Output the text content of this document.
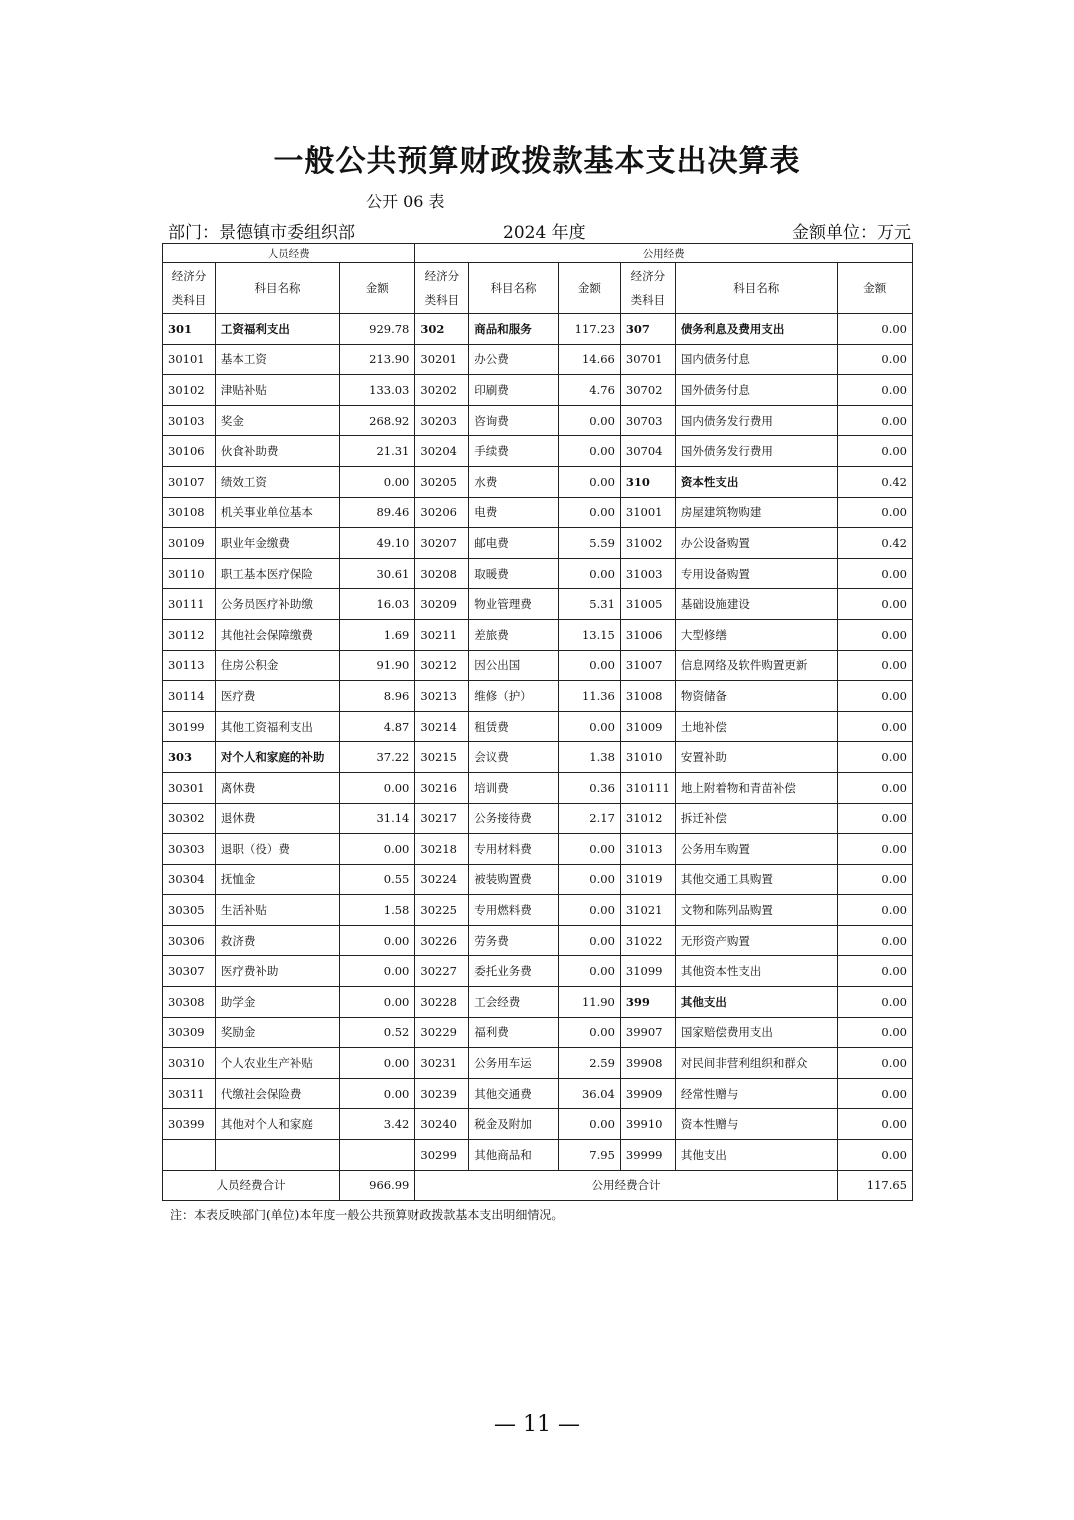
一般公共预算财政拨款基本支出决算表
公开 06 表
部门：景德镇市委组织部	2024 年度	金额单位：万元
人员经费			公用经费					
经济分类科目	科目名称	金额	经济分类科目	科目名称	金额	经济分类科目	科目名称	金额
301	工资福利支出	929.78	302	商品和服务	117.23	307	债务利息及费用支出	0.00
30101	基本工资	213.90	30201	办公费	14.66	30701	国内债务付息	0.00
30102	津贴补贴	133.03	30202	印刷费	4.76	30702	国外债务付息	0.00
30103	奖金	268.92	30203	咨询费	0.00	30703	国内债务发行费用	0.00
30106	伙食补助费	21.31	30204	手续费	0.00	30704	国外债务发行费用	0.00
30107	绩效工资	0.00	30205	水费	0.00	310	资本性支出	0.42
30108	机关事业单位基本	89.46	30206	电费	0.00	31001	房屋建筑物购建	0.00
30109	职业年金缴费	49.10	30207	邮电费	5.59	31002	办公设备购置	0.42
30110	职工基本医疗保险	30.61	30208	取暖费	0.00	31003	专用设备购置	0.00
30111	公务员医疗补助缴	16.03	30209	物业管理费	5.31	31005	基础设施建设	0.00
30112	其他社会保障缴费	1.69	30211	差旅费	13.15	31006	大型修缮	0.00
30113	住房公积金	91.90	30212	因公出国	0.00	31007	信息网络及软件购置更新	0.00
30114	医疗费	8.96	30213	维修（护）	11.36	31008	物资储备	0.00
30199	其他工资福利支出	4.87	30214	租赁费	0.00	31009	土地补偿	0.00
303	对个人和家庭的补助	37.22	30215	会议费	1.38	31010	安置补助	0.00
30301	离休费	0.00	30216	培训费	0.36	310111	地上附着物和青苗补偿	0.00
30302	退休费	31.14	30217	公务接待费	2.17	31012	拆迁补偿	0.00
30303	退职（役）费	0.00	30218	专用材料费	0.00	31013	公务用车购置	0.00
30304	抚恤金	0.55	30224	被装购置费	0.00	31019	其他交通工具购置	0.00
30305	生活补贴	1.58	30225	专用燃料费	0.00	31021	文物和陈列品购置	0.00
30306	救济费	0.00	30226	劳务费	0.00	31022	无形资产购置	0.00
30307	医疗费补助	0.00	30227	委托业务费	0.00	31099	其他资本性支出	0.00
30308	助学金	0.00	30228	工会经费	11.90	399	其他支出	0.00
30309	奖励金	0.52	30229	福利费	0.00	39907	国家赔偿费用支出	0.00
30310	个人农业生产补贴	0.00	30231	公务用车运	2.59	39908	对民间非营利组织和群众	0.00
30311	代缴社会保险费	0.00	30239	其他交通费	36.04	39909	经常性赠与	0.00
30399	其他对个人和家庭	3.42	30240	税金及附加	0.00	39910	资本性赠与	0.00
			30299	其他商品和	7.95	39999	其他支出	0.00
人员经费合计		966.99	公用经费合计					117.65
注：本表反映部门(单位)本年度一般公共预算财政拨款基本支出明细情况。
— 11 —
